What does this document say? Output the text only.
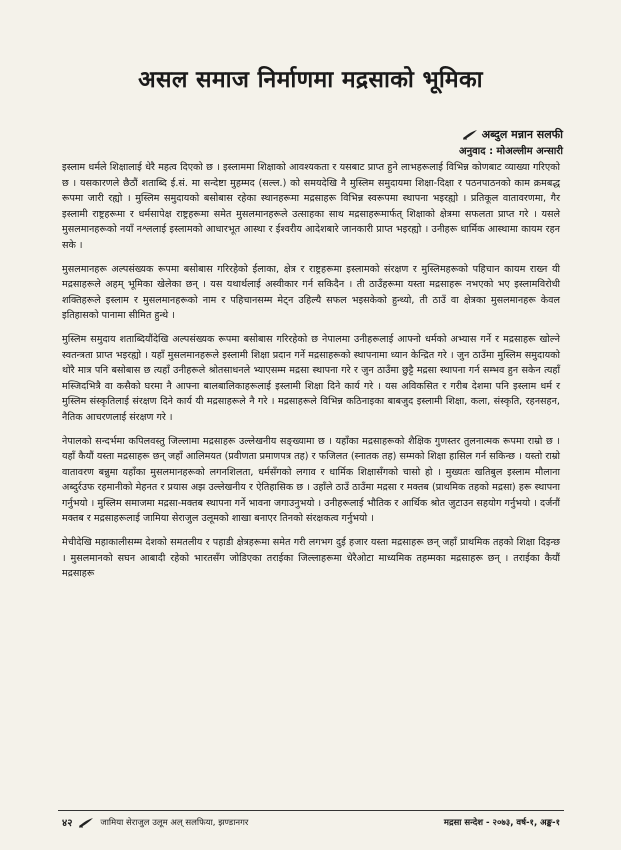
असल समाज निर्माणमा मद्रसाको भूमिका
अब्दुल मन्नान सलफी
अनुवाद : मोअल्लीम अन्सारी

इस्लाम धर्मले शिक्षालाई धेरै महत्व दिएको छ । इस्लाममा शिक्षाको आवश्यकता र यसबाट प्राप्त हुने लाभहरूलाई विभिन्न कोणबाट व्याख्या गरिएको छ । यसकारणले छैठौं शताब्दि ई.सं. मा सन्देष्टा मुहम्मद (सल्ल.) को समयदेखि नै मुस्लिम समुदायमा शिक्षा-दिक्षा र पठनपाठनको काम क्रमबद्ध रूपमा जारी रह्यो । मुस्लिम समुदायको बसोबास रहेका स्थानहरूमा मद्रसाहरू विभिन्न स्वरूपमा स्थापना भइरह्यो । प्रतिकूल वातावरणमा, गैर इस्लामी राष्ट्रहरूमा र धर्मसापेक्ष राष्ट्रहरूमा समेत मुसलमानहरूले उत्साहका साथ मद्रसाहरूमार्फत् शिक्षाको क्षेत्रमा सफलता प्राप्त गरे । यसले मुसलमानहरूको नयाँ नश्ललाई इस्लामको आधारभूत आस्था र ईश्वरीय आदेशबारे जानकारी प्राप्त भइरह्यो । उनीहरू धार्मिक आस्थामा कायम रहन सके ।

मुसलमानहरू अल्पसंख्यक रूपमा बसोबास गरिरहेको ईलाका, क्षेत्र र राष्ट्रहरूमा इस्लामको संरक्षण र मुस्लिमहरूको पहिचान कायम राख्न यी मद्रसाहरूले अहम् भूमिका खेलेका छन् । यस यथार्थलाई अस्वीकार गर्न सकिदैन । ती ठाउँहरूमा यस्ता मद्रसाहरू नभएको भए इस्लामविरोधी शक्तिहरूले इस्लाम र मुसलमानहरूको नाम र पहिचानसम्म मेट्न उहिल्यै सफल भइसकेको हुन्थ्यो, ती ठाउँ वा क्षेत्रका मुसलमानहरू केवल इतिहासको पानामा सीमित हुन्थे ।

मुस्लिम समुदाय शताब्दियौंदेखि अल्पसंख्यक रूपमा बसोबास गरिरहेको छ नेपालमा उनीहरूलाई आफ्नो धर्मको अभ्यास गर्ने र मद्रसाहरू खोल्ने स्वतन्त्रता प्राप्त भइरह्यो । यहाँ मुसलमानहरूले इस्लामी शिक्षा प्रदान गर्ने मद्रसाहरूको स्थापनामा ध्यान केन्द्रित गरे । जुन ठाउँमा मुस्लिम समुदायको थोरै मात्र पनि बसोबास छ त्यहाँ उनीहरूले श्रोतसाधनले भ्याएसम्म मद्रसा स्थापना गरे र जुन ठाउँमा छुट्टै मद्रसा स्थापना गर्न सम्भव हुन सकेन त्यहाँ मस्जिदभित्रै वा कसैको घरमा नै आफ्ना बालबालिकाहरूलाई इस्लामी शिक्षा दिने कार्य गरे । यस अविकसित र गरीब देशमा पनि इस्लाम धर्म र मुस्लिम संस्कृतिलाई संरक्षण दिने कार्य यी मद्रसाहरूले नै गरे । मद्रसाहरूले विभिन्न कठिनाइका बाबजुद इस्लामी शिक्षा, कला, संस्कृति, रहनसहन, नैतिक आचरणलाई संरक्षण गरे ।

नेपालको सन्दर्भमा कपिलवस्तु जिल्लामा मद्रसाहरू उल्लेखनीय सङ्ख्यामा छ । यहाँका मद्रसाहरूको शैक्षिक गुणस्तर तुलनात्मक रूपमा राम्रो छ । यहाँ कैयौं यस्ता मद्रसाहरू छन् जहाँ आलिमयत (प्रवीणता प्रमाणपत्र तह) र फजिलत (स्नातक तह) सम्मको शिक्षा हासिल गर्न सकिन्छ । यस्तो राम्रो वातावरण बन्नुमा यहाँका मुसलमानहरूको लगनशिलता, धर्मसँगको लगाव र धार्मिक शिक्षासँगको चासो हो । मुख्यतः खतिबुल इस्लाम मौलाना अब्दुर्रउफ रहमानीको मेहनत र प्रयास अझ उल्लेखनीय र ऐतिहासिक छ । उहाँले ठाउँ ठाउँमा मद्रसा र मक्तब (प्राथमिक तहको मद्रसा) हरू स्थापना गर्नुभयो । मुस्लिम समाजमा मद्रसा-मक्तब स्थापना गर्ने भावना जगाउनुभयो । उनीहरूलाई भौतिक र आर्थिक श्रोत जुटाउन सहयोग गर्नुभयो । दर्जनौं मक्तब र मद्रसाहरूलाई जामिया सेराजुल उलूमको शाखा बनाएर तिनको संरक्षकत्व गर्नुभयो ।

मेचीदेखि महाकालीसम्म देशको समतलीय र पहाडी क्षेत्रहरूमा समेत गरी लगभग दुई हजार यस्ता मद्रसाहरू छन् जहाँ प्राथमिक तहको शिक्षा दिइन्छ । मुसलमानको सघन आबादी रहेको भारतसँग जोडिएका तराईका जिल्लाहरूमा धेरैओटा माध्यमिक तहम्मका मद्रसाहरू छन् । तराईका कैयौं मद्रसाहरू

४२	जामिया सेराजुल उलूम अल् सलफिया, झण्डानगर	मद्रसा सन्देश - २०७३, वर्ष-१, अङ्क-१
